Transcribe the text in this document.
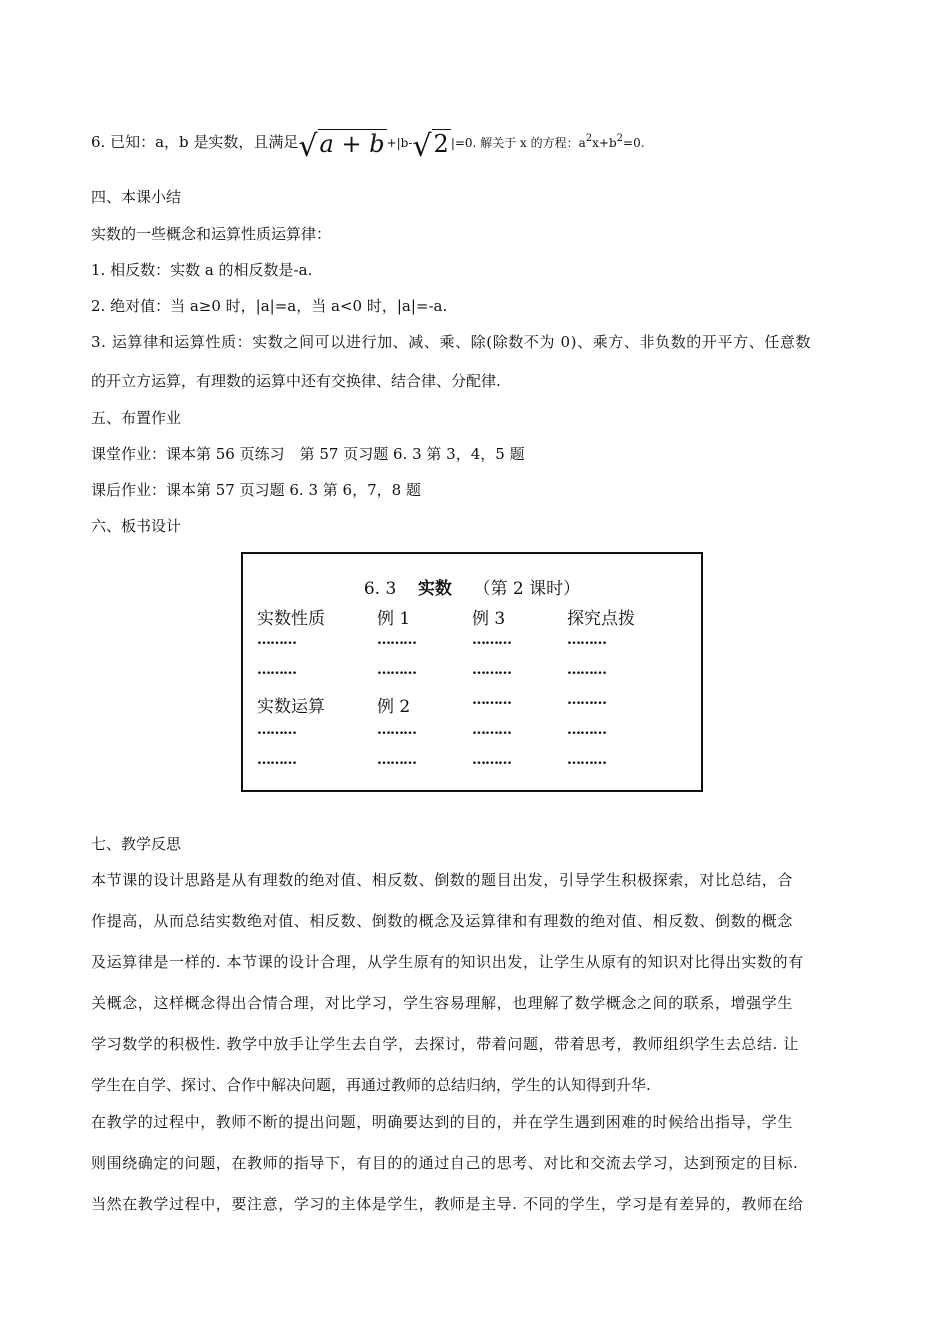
6. 已知：a，b 是实数，且满足√a + b +|b-√2 |=0. 解关于 x 的方程：$a^2x+b^2=0$.
四、本课小结
实数的一些概念和运算性质运算律：
1. 相反数：实数 a 的相反数是-a.
2. 绝对值：当 a≥0 时，|a|=a，当 a<0 时，|a|=-a.
3. 运算律和运算性质：实数之间可以进行加、减、乘、除(除数不为 0)、乘方、非负数的开平方、任意数
的开立方运算，有理数的运算中还有交换律、结合律、分配律.
五、布置作业
课堂作业：课本第 56 页练习　第 57 页习题 6. 3 第 3，4，5 题
课后作业：课本第 57 页习题 6. 3 第 6，7，8 题
六、板书设计
6. 3 实数 （第 2 课时）
实数性质	例 1	例 3	探究点拨
………	………	………	………
………	………	………	………
实数运算	例 2	………	………
………	………	………	………
………	………	………	………
七、教学反思
本节课的设计思路是从有理数的绝对值、相反数、倒数的题目出发，引导学生积极探索，对比总结，合
作提高，从而总结实数绝对值、相反数、倒数的概念及运算律和有理数的绝对值、相反数、倒数的概念
及运算律是一样的. 本节课的设计合理，从学生原有的知识出发，让学生从原有的知识对比得出实数的有
关概念，这样概念得出合情合理，对比学习，学生容易理解，也理解了数学概念之间的联系，增强学生
学习数学的积极性. 教学中放手让学生去自学，去探讨，带着问题，带着思考，教师组织学生去总结. 让
学生在自学、探讨、合作中解决问题，再通过教师的总结归纳，学生的认知得到升华.
在教学的过程中，教师不断的提出问题，明确要达到的目的，并在学生遇到困难的时候给出指导，学生
则围绕确定的问题，在教师的指导下，有目的的通过自己的思考、对比和交流去学习，达到预定的目标.
当然在教学过程中，要注意，学习的主体是学生，教师是主导. 不同的学生，学习是有差异的，教师在给
